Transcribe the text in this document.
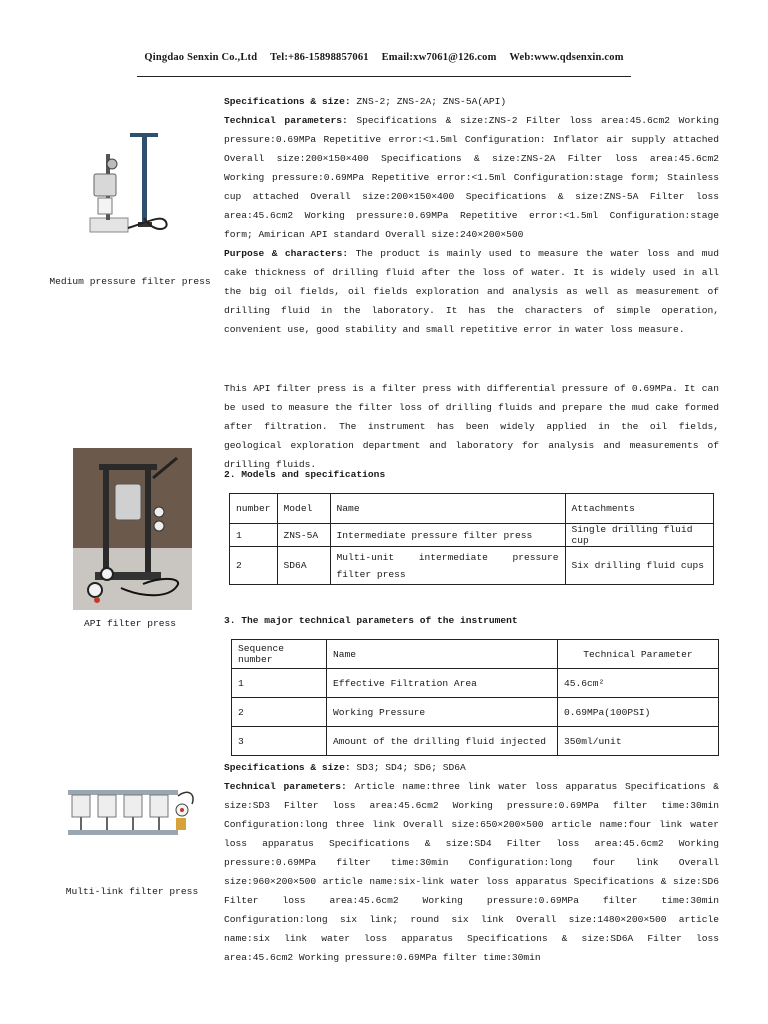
Qingdao Senxin Co.,Ltd Tel:+86-15898857061 Email:xw7061@126.com Web:www.qdsenxin.com
Medium pressure filter press
Specifications & size: ZNS-2; ZNS-2A; ZNS-5A(API)
Technical parameters: Specifications & size:ZNS-2 Filter loss area:45.6cm2 Working pressure:0.69MPa Repetitive error:<1.5ml Configuration: Inflator air supply attached Overall size:200×150×400 Specifications & size:ZNS-2A Filter loss area:45.6cm2 Working pressure:0.69MPa Repetitive error:<1.5ml Configuration:stage form; Stainless cup attached Overall size:200×150×400 Specifications & size:ZNS-5A Filter loss area:45.6cm2 Working pressure:0.69MPa Repetitive error:<1.5ml Configuration:stage form; Amirican API standard Overall size:240×200×500
Purpose & characters: The product is mainly used to measure the water loss and mud cake thickness of drilling fluid after the loss of water. It is widely used in all the big oil fields, oil fields exploration and analysis as well as measurement of drilling fluid in the laboratory. It has the characters of simple operation, convenient use, good stability and small repetitive error in water loss measure.
This API filter press is a filter press with differential pressure of 0.69MPa. It can be used to measure the filter loss of drilling fluids and prepare the mud cake formed after filtration. The instrument has been widely applied in the oil fields, geological exploration department and laboratory for analysis and measurements of drilling fluids.
API filter press
2. Models and specifications
number	Model	Name	Attachments
1	ZNS-5A	Intermediate pressure filter press	Single drilling fluid cup
2	SD6A	Multi-unit intermediate pressure filter press	Six drilling fluid cups
3. The major technical parameters of the instrument
Sequence number	Name	Technical Parameter
1	Effective Filtration Area	45.6cm²
2	Working Pressure	0.69MPa(100PSI)
3	Amount of the drilling fluid injected	350ml/unit
Multi-link filter press
Specifications & size: SD3; SD4; SD6; SD6A
Technical parameters: Article name:three link water loss apparatus Specifications & size:SD3 Filter loss area:45.6cm2 Working pressure:0.69MPa filter time:30min Configuration:long three link Overall size:650×200×500 article name:four link water loss apparatus Specifications & size:SD4 Filter loss area:45.6cm2 Working pressure:0.69MPa filter time:30min Configuration:long four link Overall size:960×200×500 article name:six-link water loss apparatus Specifications & size:SD6 Filter loss area:45.6cm2 Working pressure:0.69MPa filter time:30min Configuration:long six link; round six link Overall size:1480×200×500 article name:six link water loss apparatus Specifications & size:SD6A Filter loss area:45.6cm2 Working pressure:0.69MPa filter time:30min
